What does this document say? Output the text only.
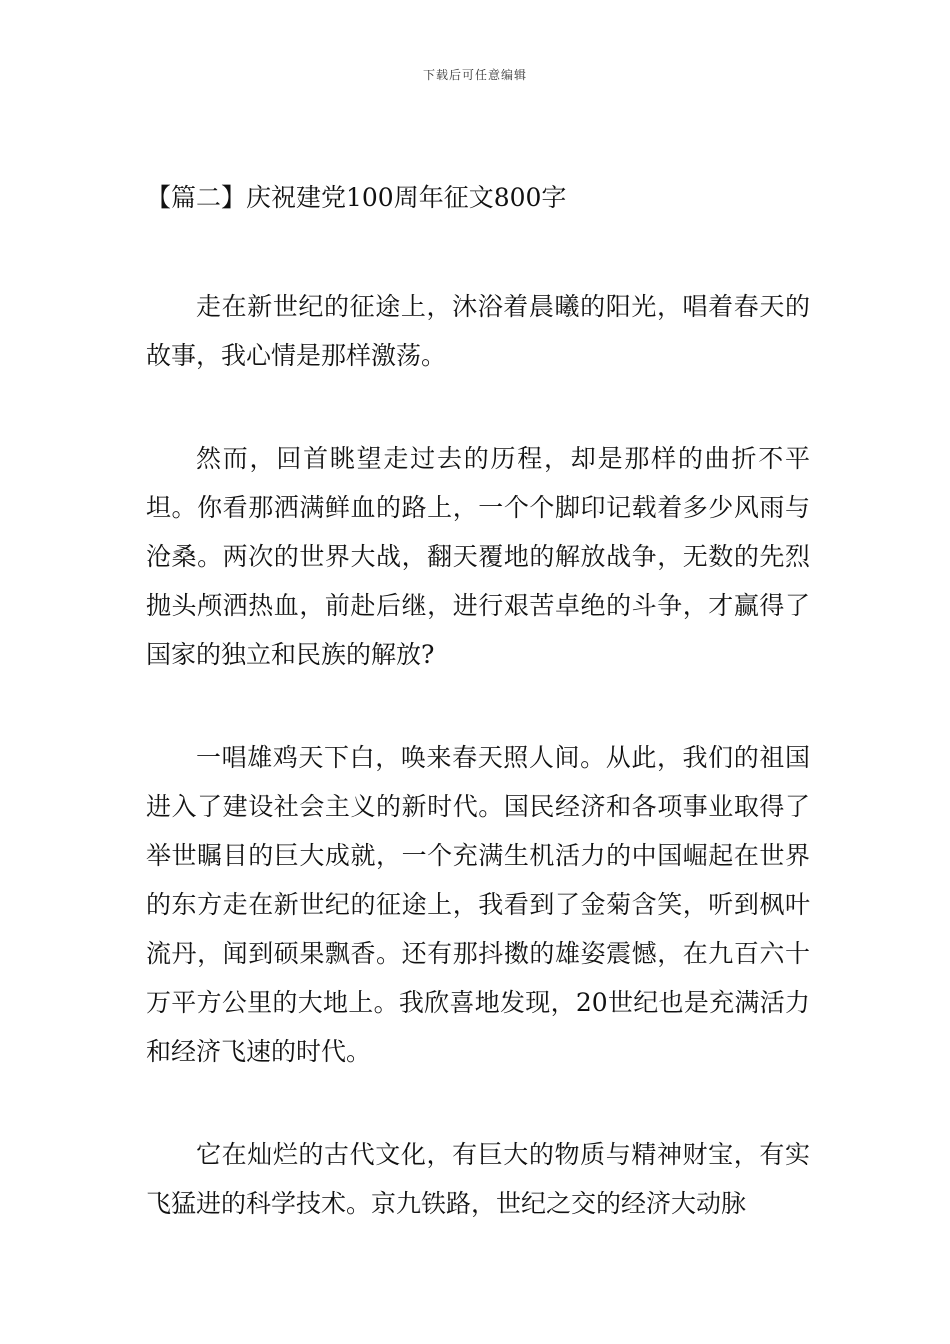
下载后可任意编辑
【篇二】庆祝建党100周年征文800字

走在新世纪的征途上，沐浴着晨曦的阳光，唱着春天的故事，我心情是那样激荡。

然而，回首眺望走过去的历程，却是那样的曲折不平坦。你看那洒满鲜血的路上，一个个脚印记载着多少风雨与沧桑。两次的世界大战，翻天覆地的解放战争，无数的先烈抛头颅洒热血，前赴后继，进行艰苦卓绝的斗争，才赢得了国家的独立和民族的解放?

一唱雄鸡天下白，唤来春天照人间。从此，我们的祖国进入了建设社会主义的新时代。国民经济和各项事业取得了举世瞩目的巨大成就，一个充满生机活力的中国崛起在世界的东方走在新世纪的征途上，我看到了金菊含笑，听到枫叶流丹，闻到硕果飘香。还有那抖擞的雄姿震憾，在九百六十万平方公里的大地上。我欣喜地发现，20世纪也是充满活力和经济飞速的时代。

它在灿烂的古代文化，有巨大的物质与精神财宝，有实飞猛进的科学技术。京九铁路，世纪之交的经济大动脉
